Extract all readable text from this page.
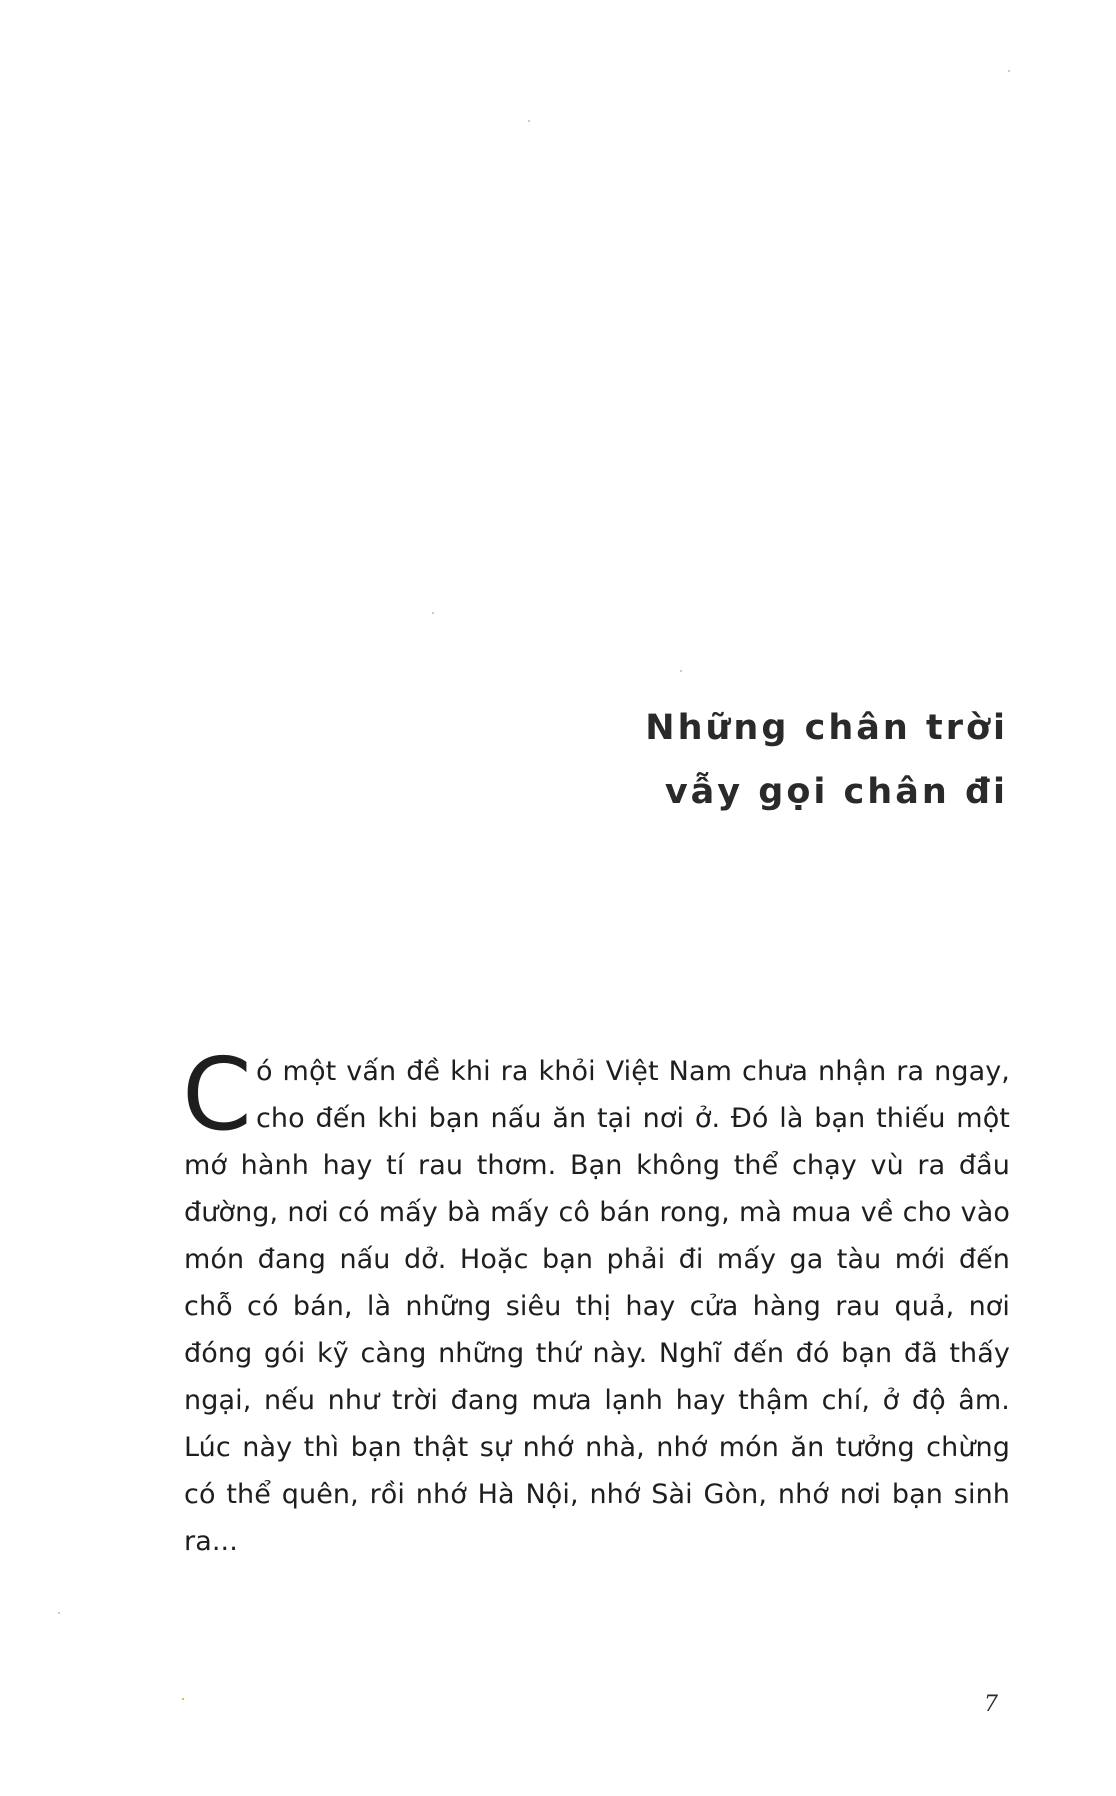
Những chân trời
vẫy gọi chân đi

Có một vấn đề khi ra khỏi Việt Nam chưa nhận ra ngay, cho đến khi bạn nấu ăn tại nơi ở. Đó là bạn thiếu một mớ hành hay tí rau thơm. Bạn không thể chạy vù ra đầu đường, nơi có mấy bà mấy cô bán rong, mà mua về cho vào món đang nấu dở. Hoặc bạn phải đi mấy ga tàu mới đến chỗ có bán, là những siêu thị hay cửa hàng rau quả, nơi đóng gói kỹ càng những thứ này. Nghĩ đến đó bạn đã thấy ngại, nếu như trời đang mưa lạnh hay thậm chí, ở độ âm. Lúc này thì bạn thật sự nhớ nhà, nhớ món ăn tưởng chừng có thể quên, rồi nhớ Hà Nội, nhớ Sài Gòn, nhớ nơi bạn sinh ra...

7
